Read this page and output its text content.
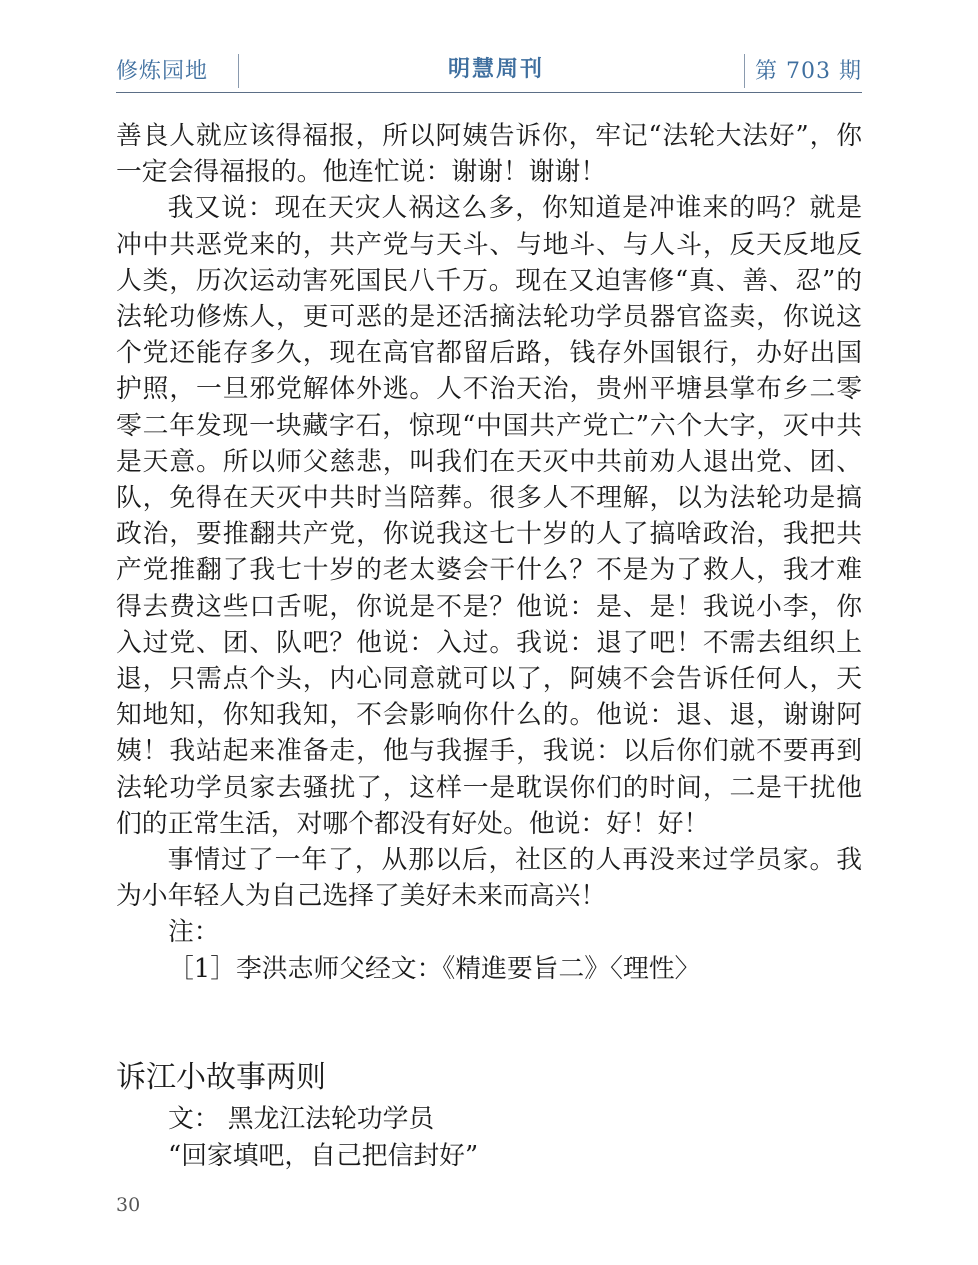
修炼园地	明慧周刊	第 703 期

善良人就应该得福报，所以阿姨告诉你，牢记“法轮大法好”，你一定会得福报的。他连忙说：谢谢！谢谢！

我又说：现在天灾人祸这么多，你知道是冲谁来的吗？就是冲中共恶党来的，共产党与天斗、与地斗、与人斗，反天反地反人类，历次运动害死国民八千万。现在又迫害修“真、善、忍”的法轮功修炼人，更可恶的是还活摘法轮功学员器官盗卖，你说这个党还能存多久，现在高官都留后路，钱存外国银行，办好出国护照，一旦邪党解体外逃。人不治天治，贵州平塘县掌布乡二零零二年发现一块藏字石，惊现“中国共产党亡”六个大字，灭中共是天意。所以师父慈悲，叫我们在天灭中共前劝人退出党、团、队，免得在天灭中共时当陪葬。很多人不理解，以为法轮功是搞政治，要推翻共产党，你说我这七十岁的人了搞啥政治，我把共产党推翻了我七十岁的老太婆会干什么？不是为了救人，我才难得去费这些口舌呢，你说是不是？他说：是、是！我说小李，你入过党、团、队吧？他说：入过。我说：退了吧！不需去组织上退，只需点个头，内心同意就可以了，阿姨不会告诉任何人，天知地知，你知我知，不会影响你什么的。他说：退、退，谢谢阿姨！我站起来准备走，他与我握手，我说：以后你们就不要再到法轮功学员家去骚扰了，这样一是耽误你们的时间，二是干扰他们的正常生活，对哪个都没有好处。他说：好！好！

事情过了一年了，从那以后，社区的人再没来过学员家。我为小年轻人为自己选择了美好未来而高兴！

注：

［1］李洪志师父经文：《精進要旨二》〈理性〉

诉江小故事两则
文： 黑龙江法轮功学员
“回家填吧，自己把信封好”
30
